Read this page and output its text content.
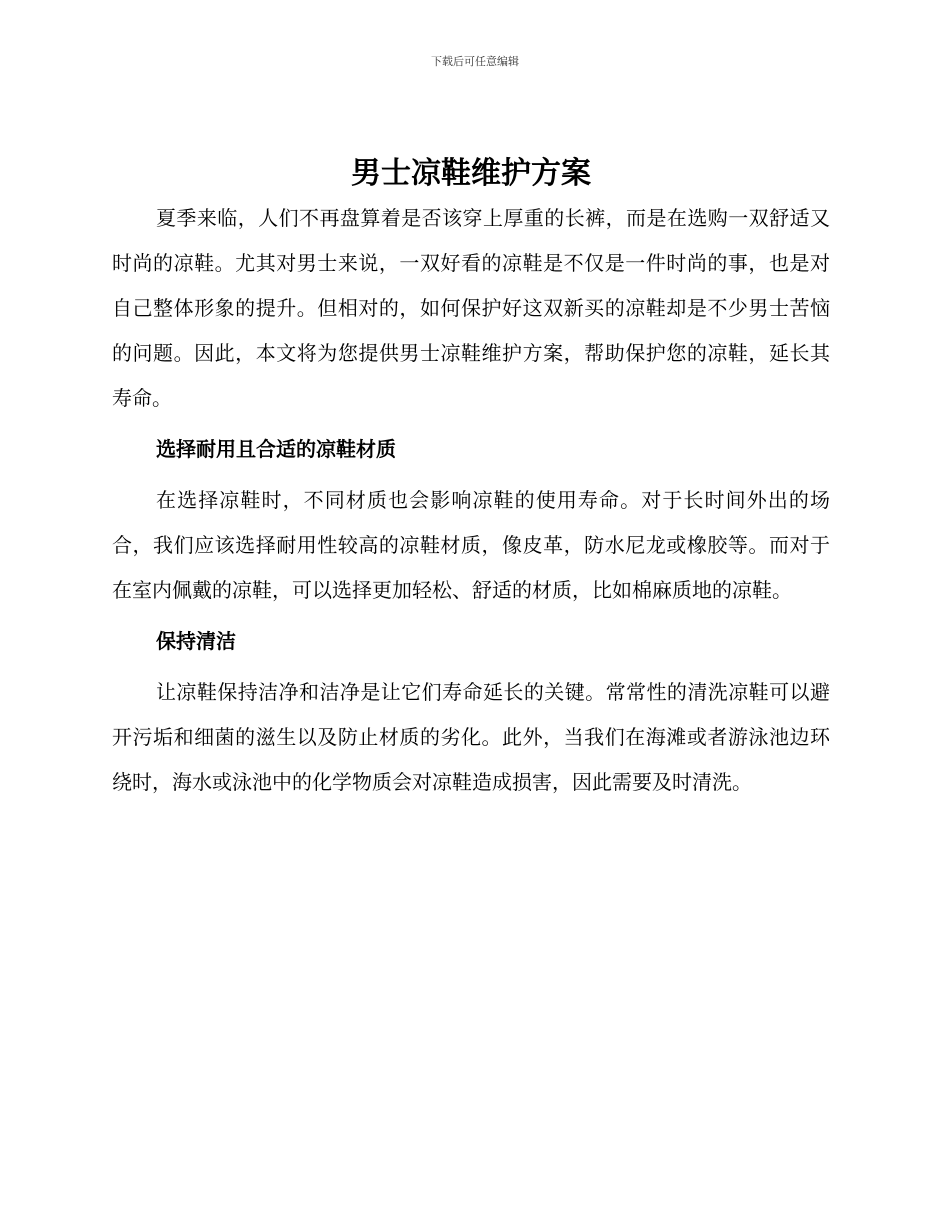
下载后可任意编辑
男士凉鞋维护方案

夏季来临，人们不再盘算着是否该穿上厚重的长裤，而是在选购一双舒适又时尚的凉鞋。尤其对男士来说，一双好看的凉鞋是不仅是一件时尚的事，也是对自己整体形象的提升。但相对的，如何保护好这双新买的凉鞋却是不少男士苦恼的问题。因此，本文将为您提供男士凉鞋维护方案，帮助保护您的凉鞋，延长其寿命。

选择耐用且合适的凉鞋材质

在选择凉鞋时，不同材质也会影响凉鞋的使用寿命。对于长时间外出的场合，我们应该选择耐用性较高的凉鞋材质，像皮革，防水尼龙或橡胶等。而对于在室内佩戴的凉鞋，可以选择更加轻松、舒适的材质，比如棉麻质地的凉鞋。

保持清洁

让凉鞋保持洁净和洁净是让它们寿命延长的关键。常常性的清洗凉鞋可以避开污垢和细菌的滋生以及防止材质的劣化。此外，当我们在海滩或者游泳池边环绕时，海水或泳池中的化学物质会对凉鞋造成损害，因此需要及时清洗。
